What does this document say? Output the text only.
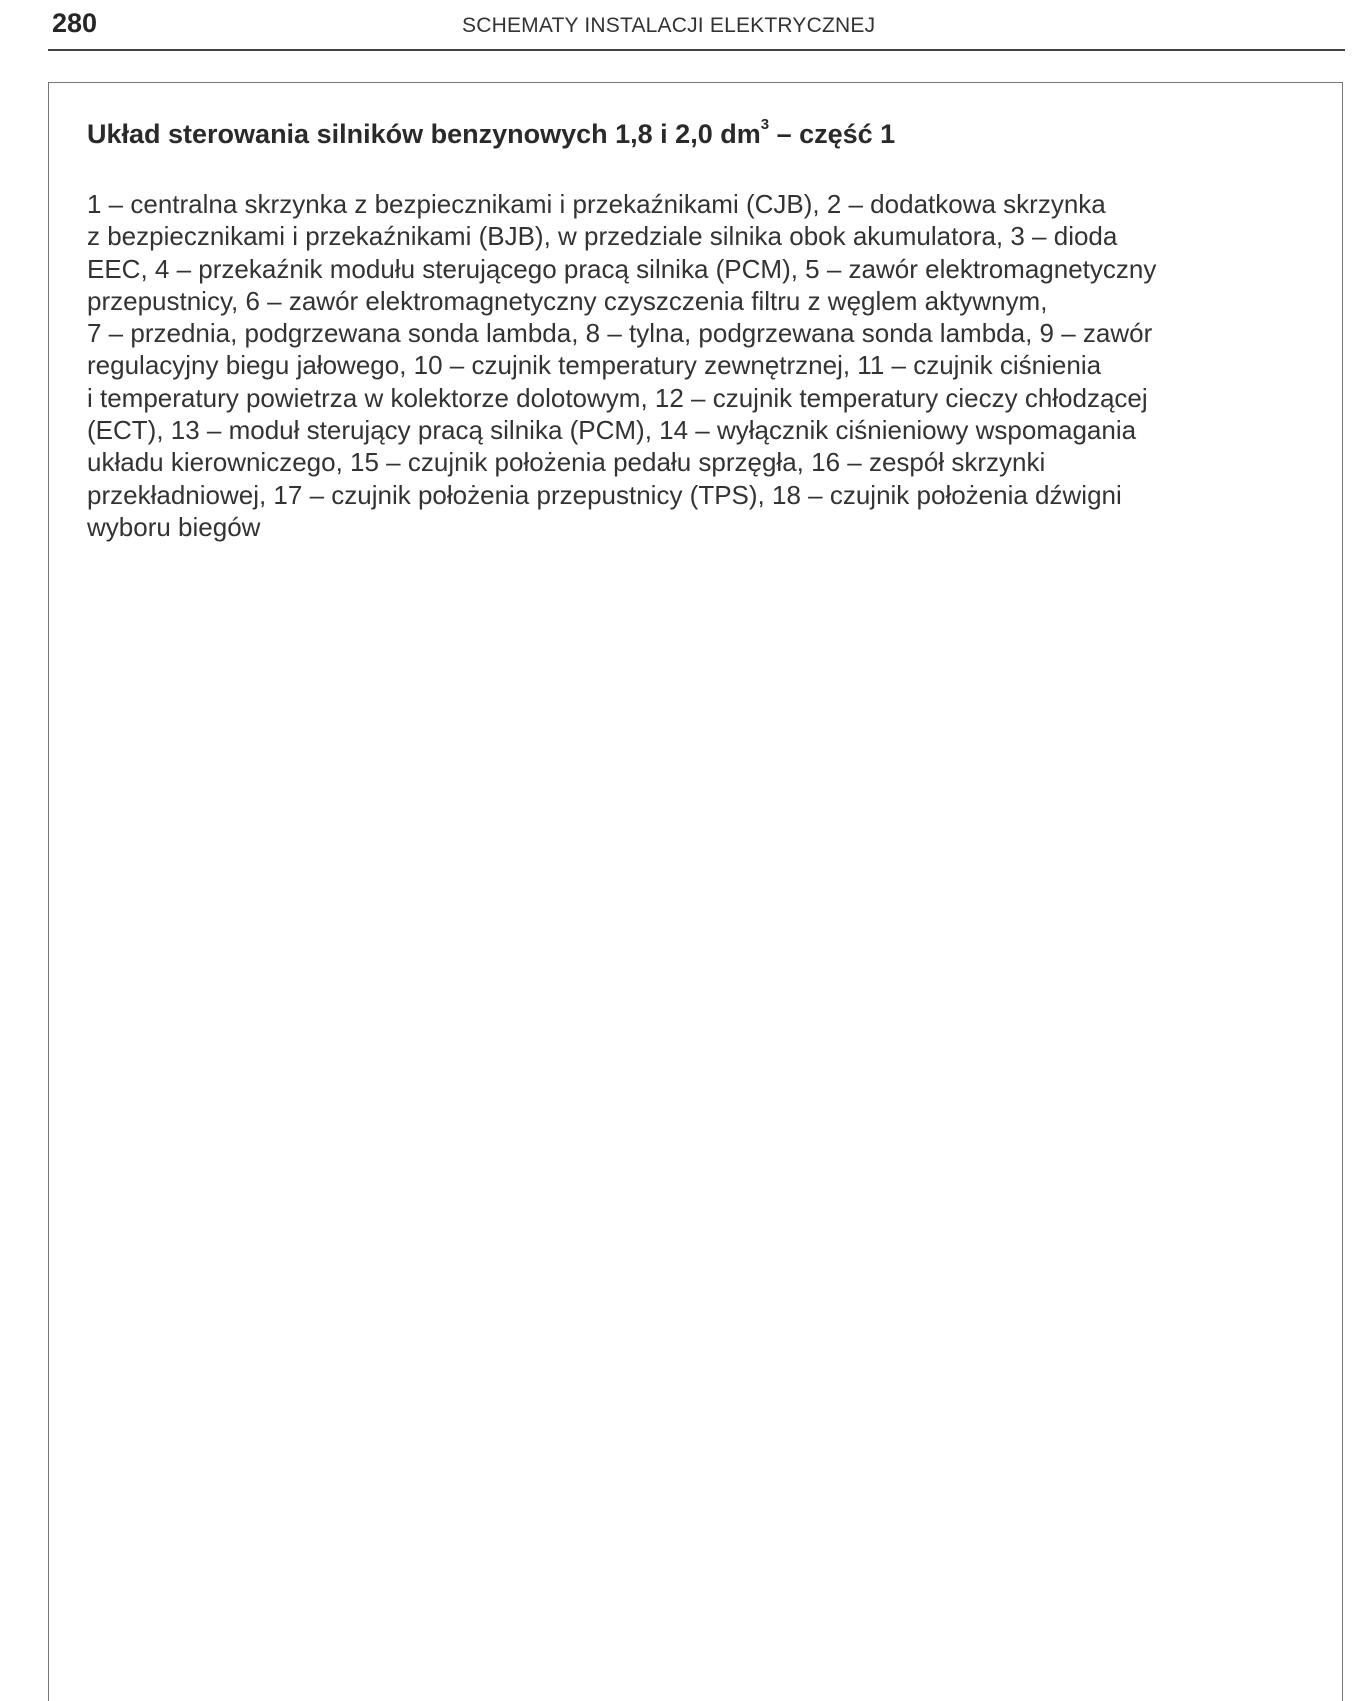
280	SCHEMATY INSTALACJI ELEKTRYCZNEJ
Układ sterowania silników benzynowych 1,8 i 2,0 $dm^3$ – część 1
1 – centralna skrzynka z bezpiecznikami i przekaźnikami (CJB), 2 – dodatkowa skrzynka
z bezpiecznikami i przekaźnikami (BJB), w przedziale silnika obok akumulatora, 3 – dioda
EEC, 4 – przekaźnik modułu sterującego pracą silnika (PCM), 5 – zawór elektromagnetyczny
przepustnicy, 6 – zawór elektromagnetyczny czyszczenia filtru z węglem aktywnym,
7 – przednia, podgrzewana sonda lambda, 8 – tylna, podgrzewana sonda lambda, 9 – zawór
regulacyjny biegu jałowego, 10 – czujnik temperatury zewnętrznej, 11 – czujnik ciśnienia
i temperatury powietrza w kolektorze dolotowym, 12 – czujnik temperatury cieczy chłodzącej
(ECT), 13 – moduł sterujący pracą silnika (PCM), 14 – wyłącznik ciśnieniowy wspomagania
układu kierowniczego, 15 – czujnik położenia pedału sprzęgła, 16 – zespół skrzynki
przekładniowej, 17 – czujnik położenia przepustnicy (TPS), 18 – czujnik położenia dźwigni
wyboru biegów
